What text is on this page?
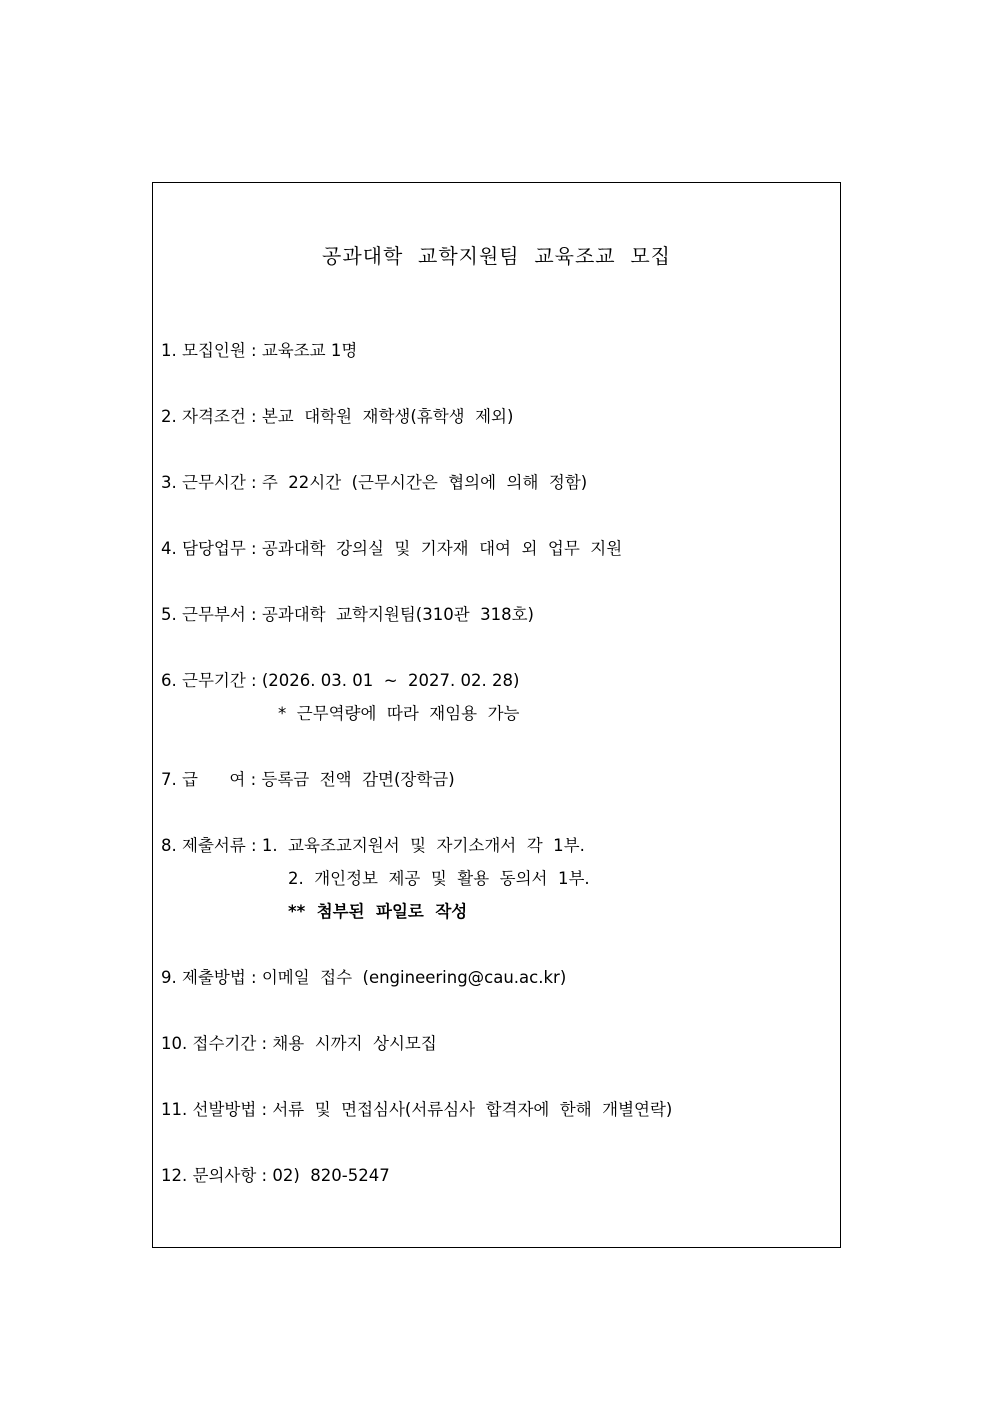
공과대학  교학지원팀  교육조교  모집
1. 모집인원 : 교육조교 1명
2. 자격조건 : 본교  대학원  재학생(휴학생  제외)
3. 근무시간 : 주  22시간  (근무시간은  협의에  의해  정함)
4. 담당업무 : 공과대학  강의실  및  기자재  대여  외  업무  지원
5. 근무부서 : 공과대학  교학지원팀(310관  318호)
6. 근무기간 : (2026. 03. 01  ~  2027. 02. 28)
*  근무역량에  따라  재임용  가능
7. 급      여 : 등록금  전액  감면(장학금)
8. 제출서류 : 1.  교육조교지원서  및  자기소개서  각  1부.
2.  개인정보  제공  및  활용  동의서  1부.
**  첨부된  파일로  작성
9. 제출방법 : 이메일  접수  (engineering@cau.ac.kr)
10. 접수기간 : 채용  시까지  상시모집
11. 선발방법 : 서류  및  면접심사(서류심사  합격자에  한해  개별연락)
12. 문의사항 : 02)  820-5247
